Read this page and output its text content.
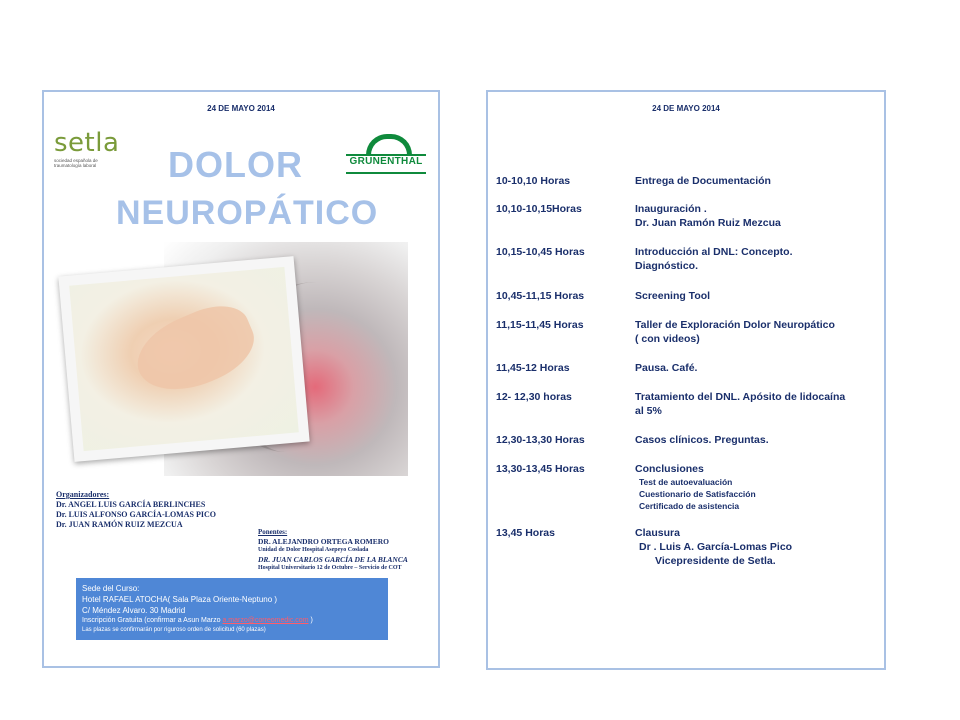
24 DE MAYO 2014
setla
sociedad española de traumatología laboral	DOLOR
NEUROPÁTICO
GRUNENTHAL
Organizadores:
Dr. ANGEL LUIS GARCÍA BERLINCHES
Dr. LUIS ALFONSO GARCÍA-LOMAS PICO
Dr. JUAN RAMÓN RUIZ MEZCUA
Ponentes:
DR. ALEJANDRO ORTEGA ROMERO
Unidad de Dolor Hospital Asepeyo Coslada
DR. JUAN CARLOS GARCÍA DE LA BLANCA
Hospital Universitario 12 de Octubre – Servicio de COT
Sede del Curso:
Hotel RAFAEL ATOCHA( Sala Plaza Oriente-Neptuno )
C/ Méndez Alvaro. 30 Madrid
Inscripción Gratuita (confirmar a Asun Marzo a.marzo@correomedic.com )
Las plazas se confirmarán por riguroso orden de solicitud (60 plazas)
24 DE MAYO 2014
10-10,10 Horas	Entrega de Documentación
10,10-10,15Horas	Inauguración .
Dr. Juan Ramón Ruiz Mezcua
10,15-10,45 Horas	Introducción al DNL: Concepto.
Diagnóstico.
10,45-11,15 Horas	Screening Tool
11,15-11,45 Horas	Taller de Exploración Dolor Neuropático
( con videos)
11,45-12 Horas	Pausa. Café.
12- 12,30 horas	Tratamiento del DNL. Apósito de lidocaína
al 5%
12,30-13,30 Horas	Casos clínicos. Preguntas.
13,30-13,45 Horas	Conclusiones
Test de autoevaluación
Cuestionario de Satisfacción
Certificado de asistencia
13,45 Horas	Clausura
Dr . Luis A. García-Lomas Pico
Vicepresidente de Setla.
